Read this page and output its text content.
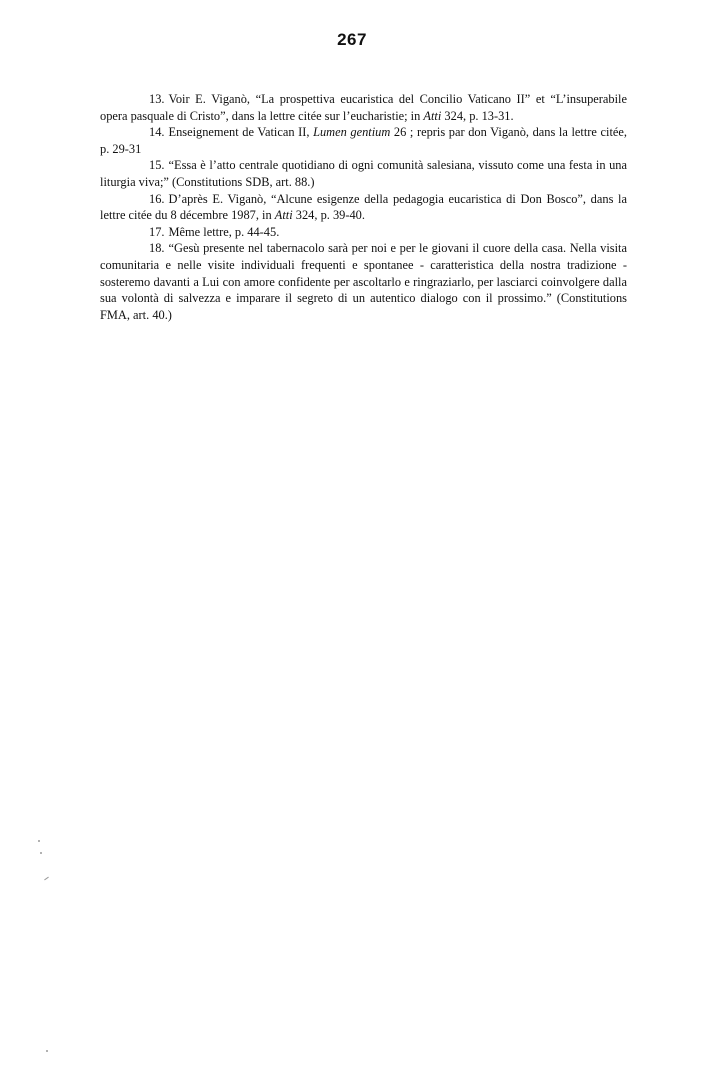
267

13. Voir E. Viganò, “La prospettiva eucaristica del Concilio Vaticano II” et “L’insuperabile opera pasquale di Cristo”, dans la lettre citée sur l’eucharistie; in Atti 324, p. 13-31.

14. Enseignement de Vatican II, Lumen gentium 26 ; repris par don Viganò, dans la lettre citée, p. 29-31

15. “Essa è l’atto centrale quotidiano di ogni comunità salesiana, vissuto come una festa in una liturgia viva;” (Constitutions SDB, art. 88.)

16. D’après E. Viganò, “Alcune esigenze della pedagogia eucaristica di Don Bosco”, dans la lettre citée du 8 décembre 1987, in Atti 324, p. 39-40.

17. Même lettre, p. 44-45.

18. “Gesù presente nel tabernacolo sarà per noi e per le giovani il cuore della casa. Nella visita comunitaria e nelle visite individuali frequenti e spontanee - caratteristica della nostra tradizione - sosteremo davanti a Lui con amore confidente per ascoltarlo e ringraziarlo, per lasciarci coinvolgere dalla sua volontà di salvezza e imparare il segreto di un autentico dialogo con il prossimo.” (Constitutions FMA, art. 40.)
